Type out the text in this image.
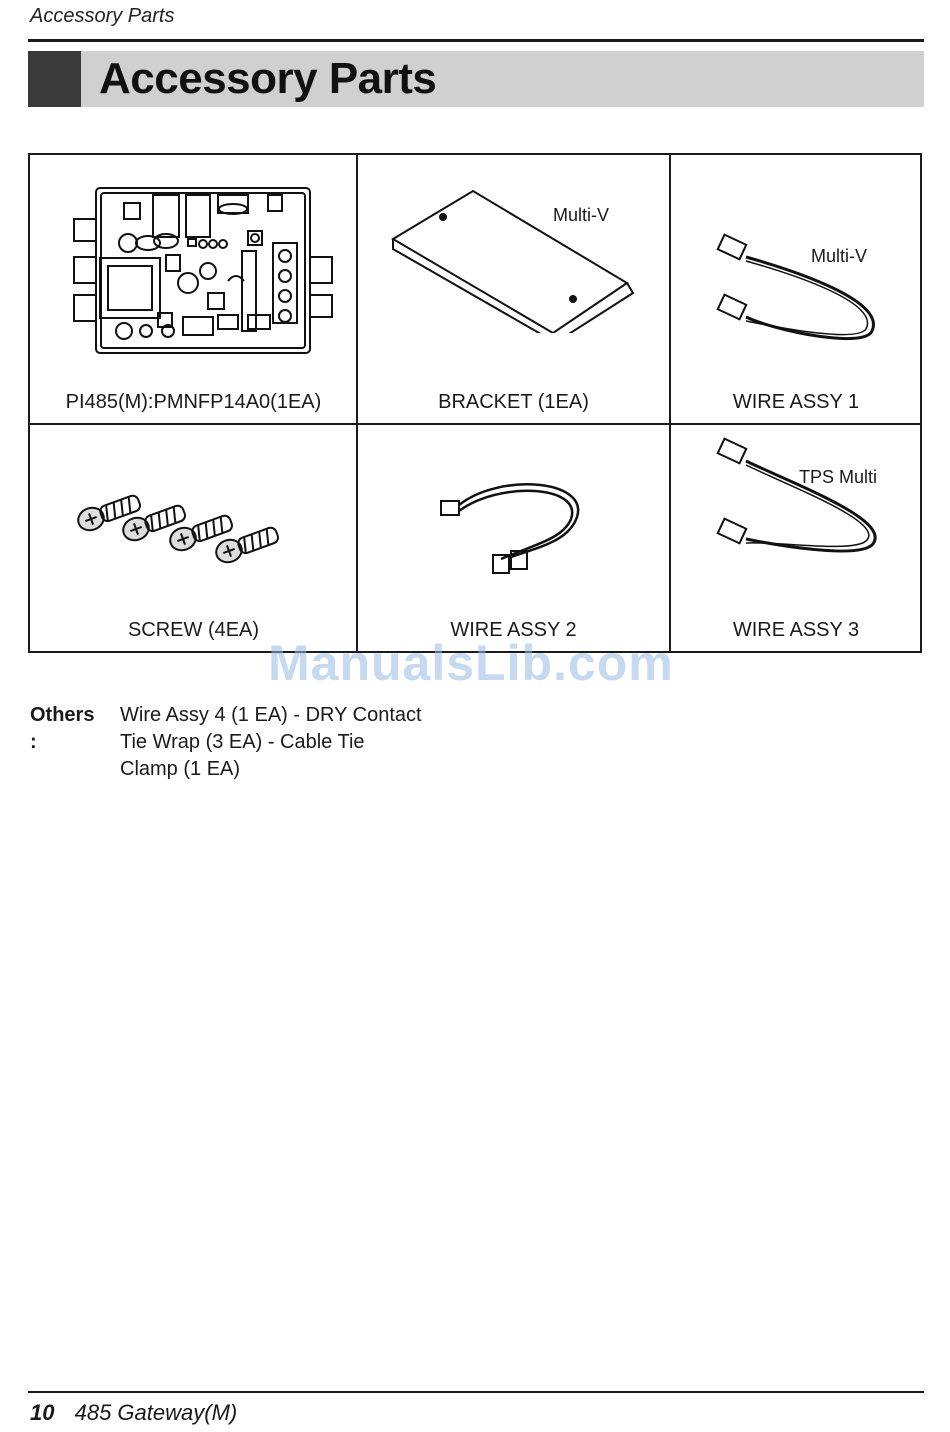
Accessory Parts
Accessory Parts
PI485(M):PMNFP14A0(1EA)
Multi-V
BRACKET (1EA)
Multi-V
WIRE ASSY 1
SCREW (4EA)	WIRE ASSY 2
TPS Multi
WIRE ASSY 3
ManualsLib.com
Others :
Wire Assy 4 (1 EA) - DRY Contact
Tie Wrap (3 EA) - Cable Tie
Clamp (1 EA)
10 485 Gateway(M)
